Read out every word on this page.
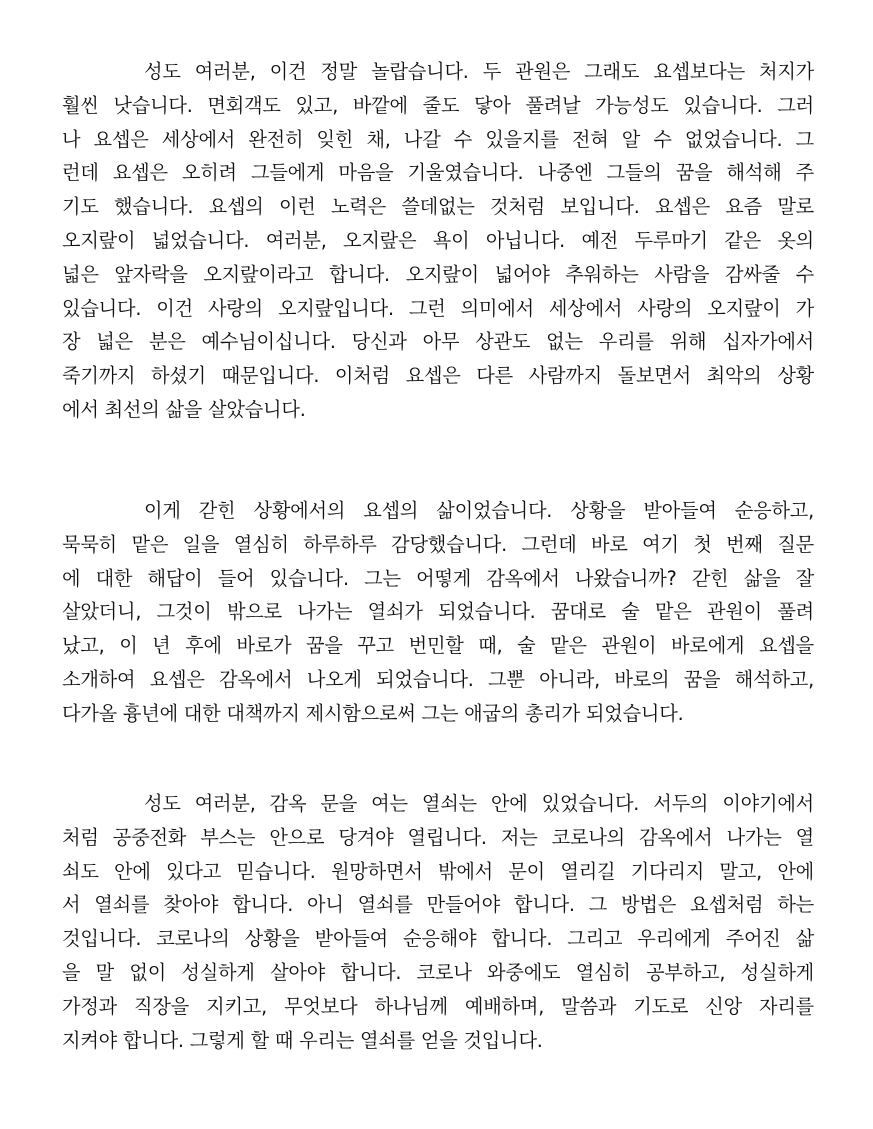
성도 여러분, 이건 정말 놀랍습니다. 두 관원은 그래도 요셉보다는 처지가
훨씬 낫습니다. 면회객도 있고, 바깥에 줄도 닿아 풀려날 가능성도 있습니다. 그러
나 요셉은 세상에서 완전히 잊힌 채, 나갈 수 있을지를 전혀 알 수 없었습니다. 그
런데 요셉은 오히려 그들에게 마음을 기울였습니다. 나중엔 그들의 꿈을 해석해 주
기도 했습니다. 요셉의 이런 노력은 쓸데없는 것처럼 보입니다. 요셉은 요즘 말로
오지랖이 넓었습니다. 여러분, 오지랖은 욕이 아닙니다. 예전 두루마기 같은 옷의
넓은 앞자락을 오지랖이라고 합니다. 오지랖이 넓어야 추워하는 사람을 감싸줄 수
있습니다. 이건 사랑의 오지랖입니다. 그런 의미에서 세상에서 사랑의 오지랖이 가
장 넓은 분은 예수님이십니다. 당신과 아무 상관도 없는 우리를 위해 십자가에서
죽기까지 하셨기 때문입니다. 이처럼 요셉은 다른 사람까지 돌보면서 최악의 상황
에서 최선의 삶을 살았습니다.
이게 갇힌 상황에서의 요셉의 삶이었습니다. 상황을 받아들여 순응하고,
묵묵히 맡은 일을 열심히 하루하루 감당했습니다. 그런데 바로 여기 첫 번째 질문
에 대한 해답이 들어 있습니다. 그는 어떻게 감옥에서 나왔습니까? 갇힌 삶을 잘
살았더니, 그것이 밖으로 나가는 열쇠가 되었습니다. 꿈대로 술 맡은 관원이 풀려
났고, 이 년 후에 바로가 꿈을 꾸고 번민할 때, 술 맡은 관원이 바로에게 요셉을
소개하여 요셉은 감옥에서 나오게 되었습니다. 그뿐 아니라, 바로의 꿈을 해석하고,
다가올 흉년에 대한 대책까지 제시함으로써 그는 애굽의 총리가 되었습니다.
성도 여러분, 감옥 문을 여는 열쇠는 안에 있었습니다. 서두의 이야기에서
처럼 공중전화 부스는 안으로 당겨야 열립니다. 저는 코로나의 감옥에서 나가는 열
쇠도 안에 있다고 믿습니다. 원망하면서 밖에서 문이 열리길 기다리지 말고, 안에
서 열쇠를 찾아야 합니다. 아니 열쇠를 만들어야 합니다. 그 방법은 요셉처럼 하는
것입니다. 코로나의 상황을 받아들여 순응해야 합니다. 그리고 우리에게 주어진 삶
을 말 없이 성실하게 살아야 합니다. 코로나 와중에도 열심히 공부하고, 성실하게
가정과 직장을 지키고, 무엇보다 하나님께 예배하며, 말씀과 기도로 신앙 자리를
지켜야 합니다. 그렇게 할 때 우리는 열쇠를 얻을 것입니다.
